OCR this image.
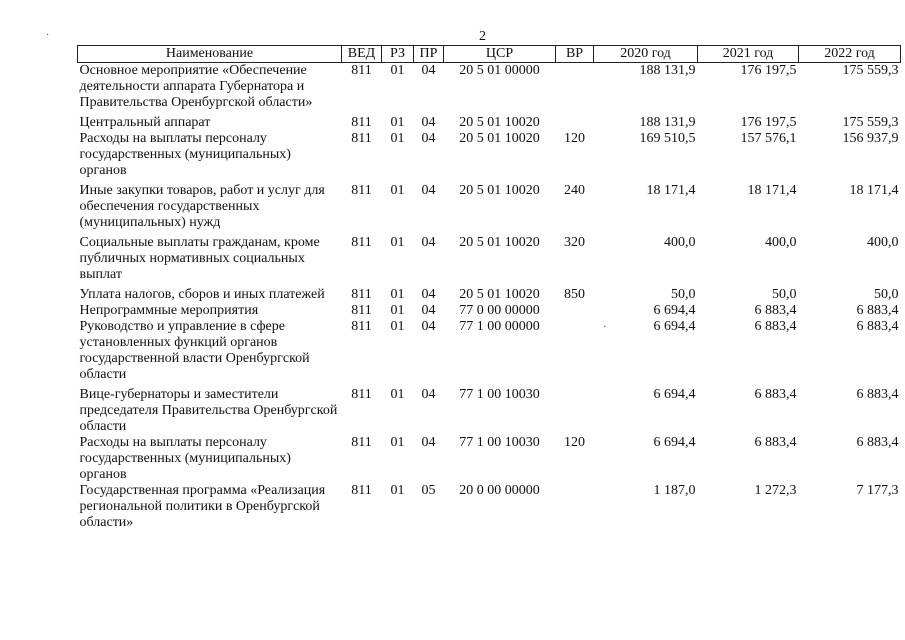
2
·
·
Наименование	ВЕД	РЗ	ПР	ЦСР	ВР	2020 год	2021 год	2022 год
Основное мероприятие «Обеспечение деятельности аппарата Губернатора и Правительства Оренбургской области»	811	01	04	20 5 01 00000		188 131,9	176 197,5	175 559,3
Центральный аппарат	811	01	04	20 5 01 10020		188 131,9	176 197,5	175 559,3
Расходы на выплаты персоналу государственных (муниципальных) органов	811	01	04	20 5 01 10020	120	169 510,5	157 576,1	156 937,9
Иные закупки товаров, работ и услуг для обеспечения государственных (муниципальных) нужд	811	01	04	20 5 01 10020	240	18 171,4	18 171,4	18 171,4
Социальные выплаты гражданам, кроме публичных нормативных социальных выплат	811	01	04	20 5 01 10020	320	400,0	400,0	400,0
Уплата налогов, сборов и иных платежей	811	01	04	20 5 01 10020	850	50,0	50,0	50,0
Непрограммные мероприятия	811	01	04	77 0 00 00000		6 694,4	6 883,4	6 883,4
Руководство и управление в сфере установленных функций органов государственной власти Оренбургской области	811	01	04	77 1 00 00000		6 694,4	6 883,4	6 883,4
Вице-губернаторы и заместители председателя Правительства Оренбургской области	811	01	04	77 1 00 10030		6 694,4	6 883,4	6 883,4
Расходы на выплаты персоналу государственных (муниципальных) органов	811	01	04	77 1 00 10030	120	6 694,4	6 883,4	6 883,4
Государственная программа «Реализация региональной политики в Оренбургской области»	811	01	05	20 0 00 00000		1 187,0	1 272,3	7 177,3
